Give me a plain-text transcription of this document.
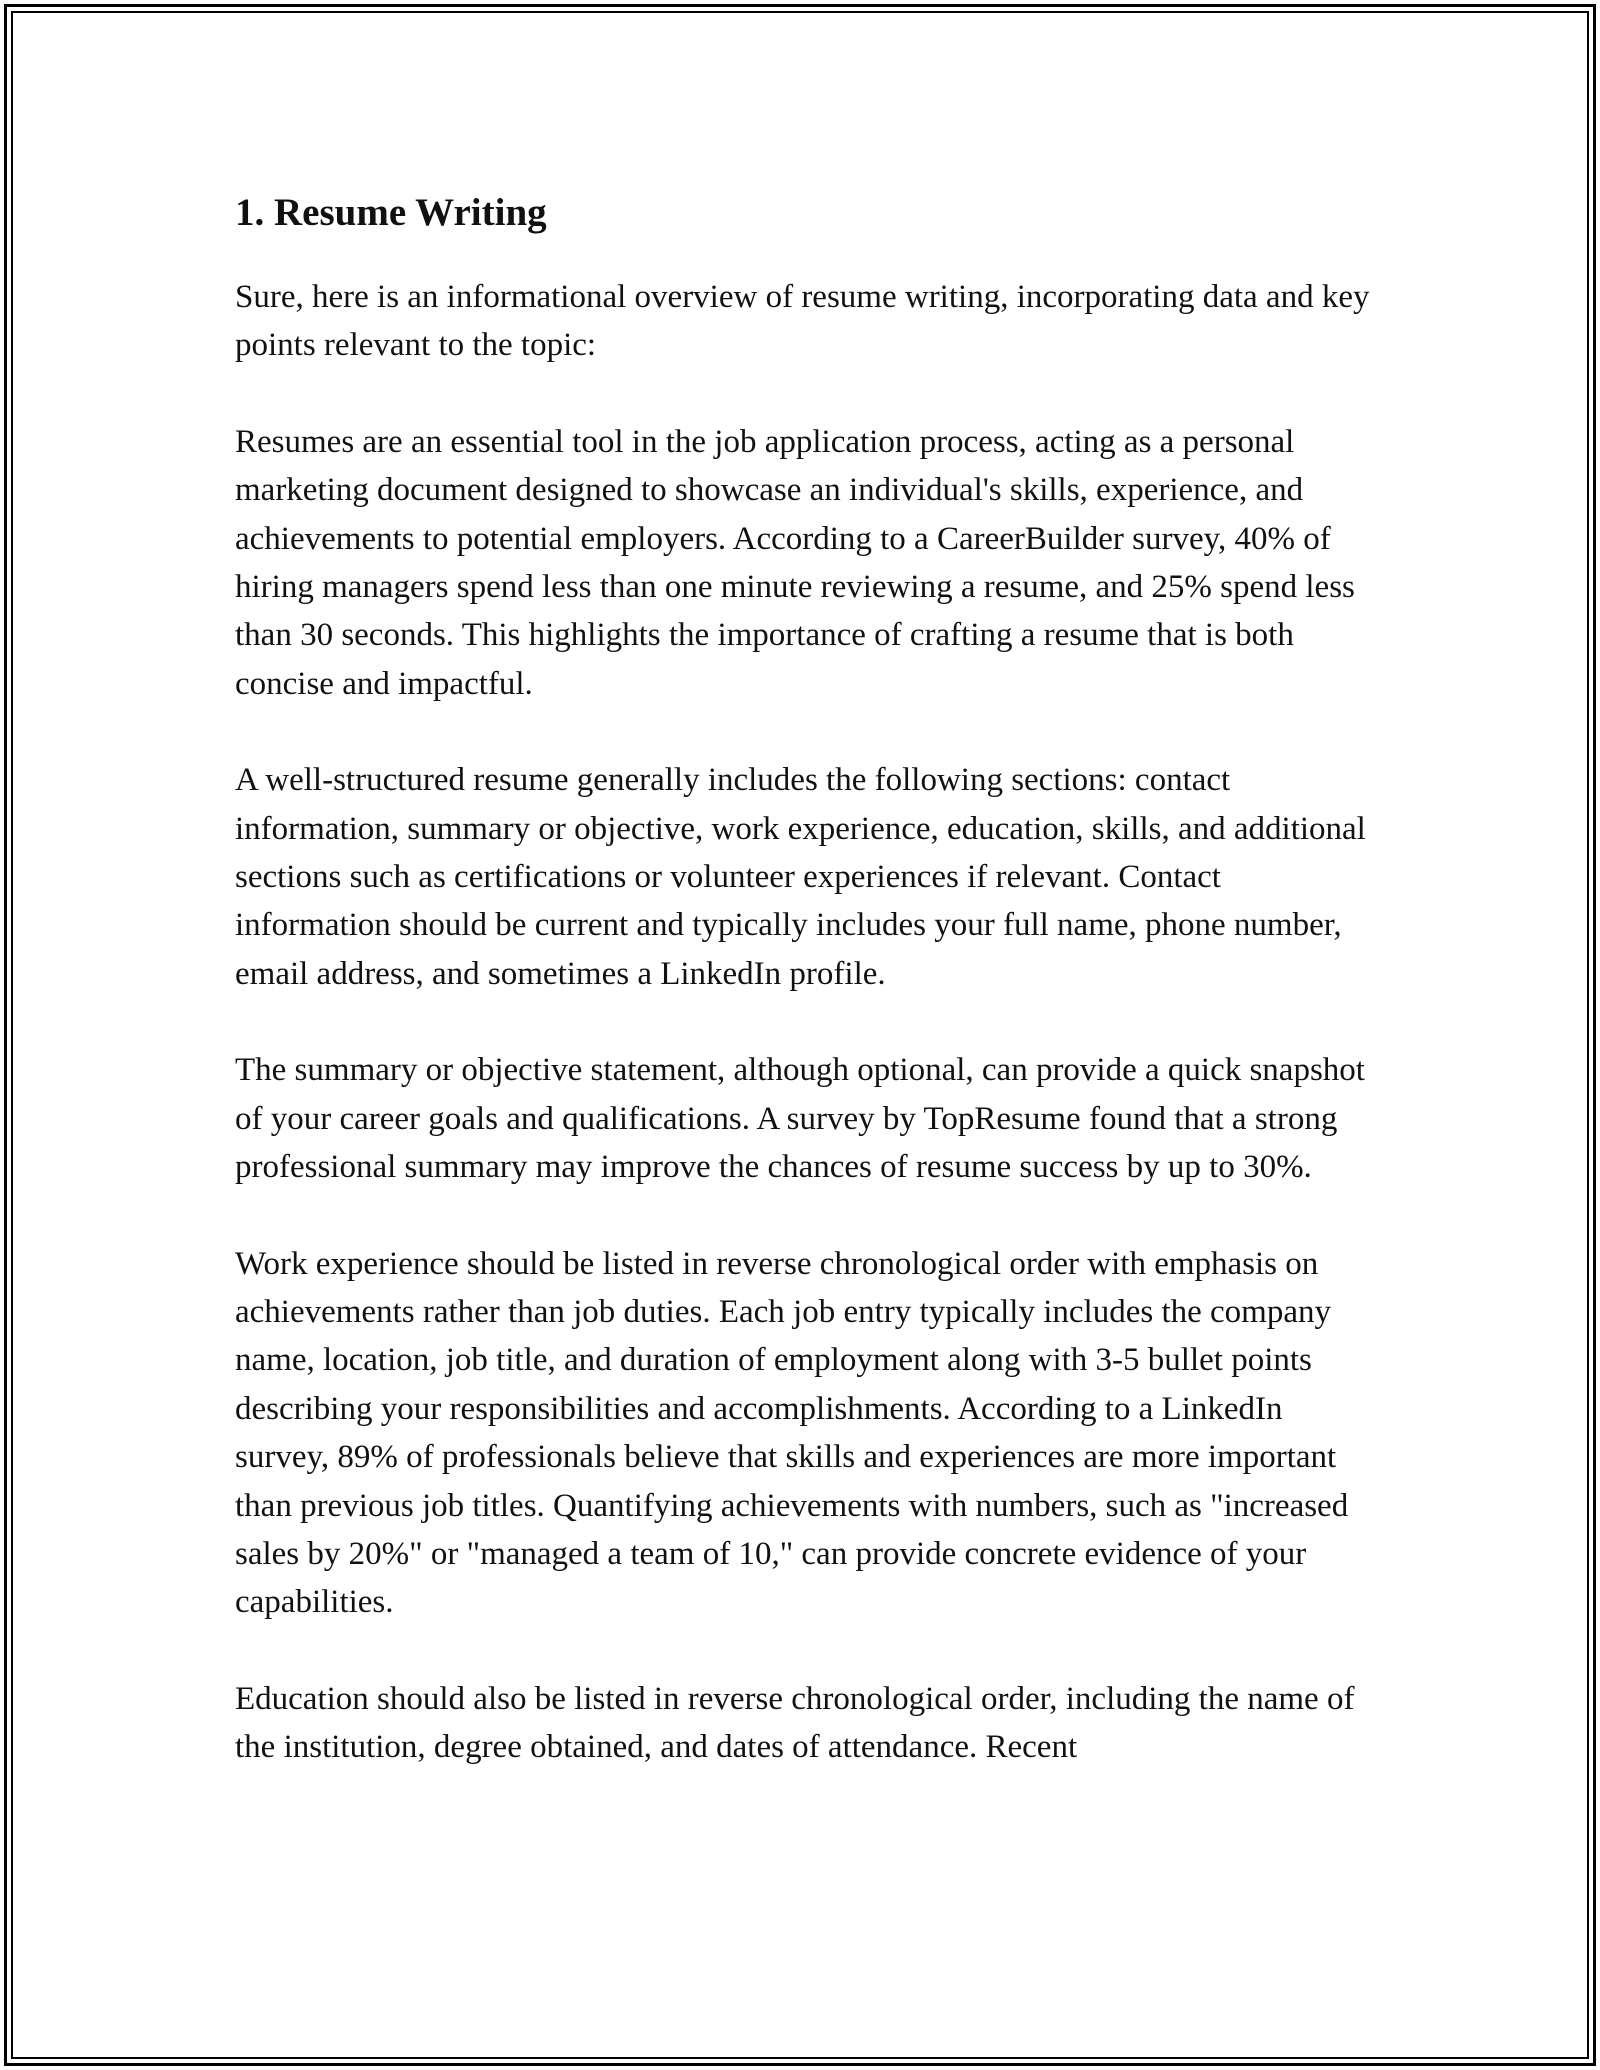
1. Resume Writing

Sure, here is an informational overview of resume writing, incorporating data and key points relevant to the topic:

Resumes are an essential tool in the job application process, acting as a personal marketing document designed to showcase an individual's skills, experience, and achievements to potential employers. According to a CareerBuilder survey, 40% of hiring managers spend less than one minute reviewing a resume, and 25% spend less than 30 seconds. This highlights the importance of crafting a resume that is both concise and impactful.

A well-structured resume generally includes the following sections: contact information, summary or objective, work experience, education, skills, and additional sections such as certifications or volunteer experiences if relevant. Contact information should be current and typically includes your full name, phone number, email address, and sometimes a LinkedIn profile.

The summary or objective statement, although optional, can provide a quick snapshot of your career goals and qualifications. A survey by TopResume found that a strong professional summary may improve the chances of resume success by up to 30%.

Work experience should be listed in reverse chronological order with emphasis on achievements rather than job duties. Each job entry typically includes the company name, location, job title, and duration of employment along with 3-5 bullet points describing your responsibilities and accomplishments. According to a LinkedIn survey, 89% of professionals believe that skills and experiences are more important than previous job titles. Quantifying achievements with numbers, such as "increased sales by 20%" or "managed a team of 10," can provide concrete evidence of your capabilities.

Education should also be listed in reverse chronological order, including the name of the institution, degree obtained, and dates of attendance. Recent
